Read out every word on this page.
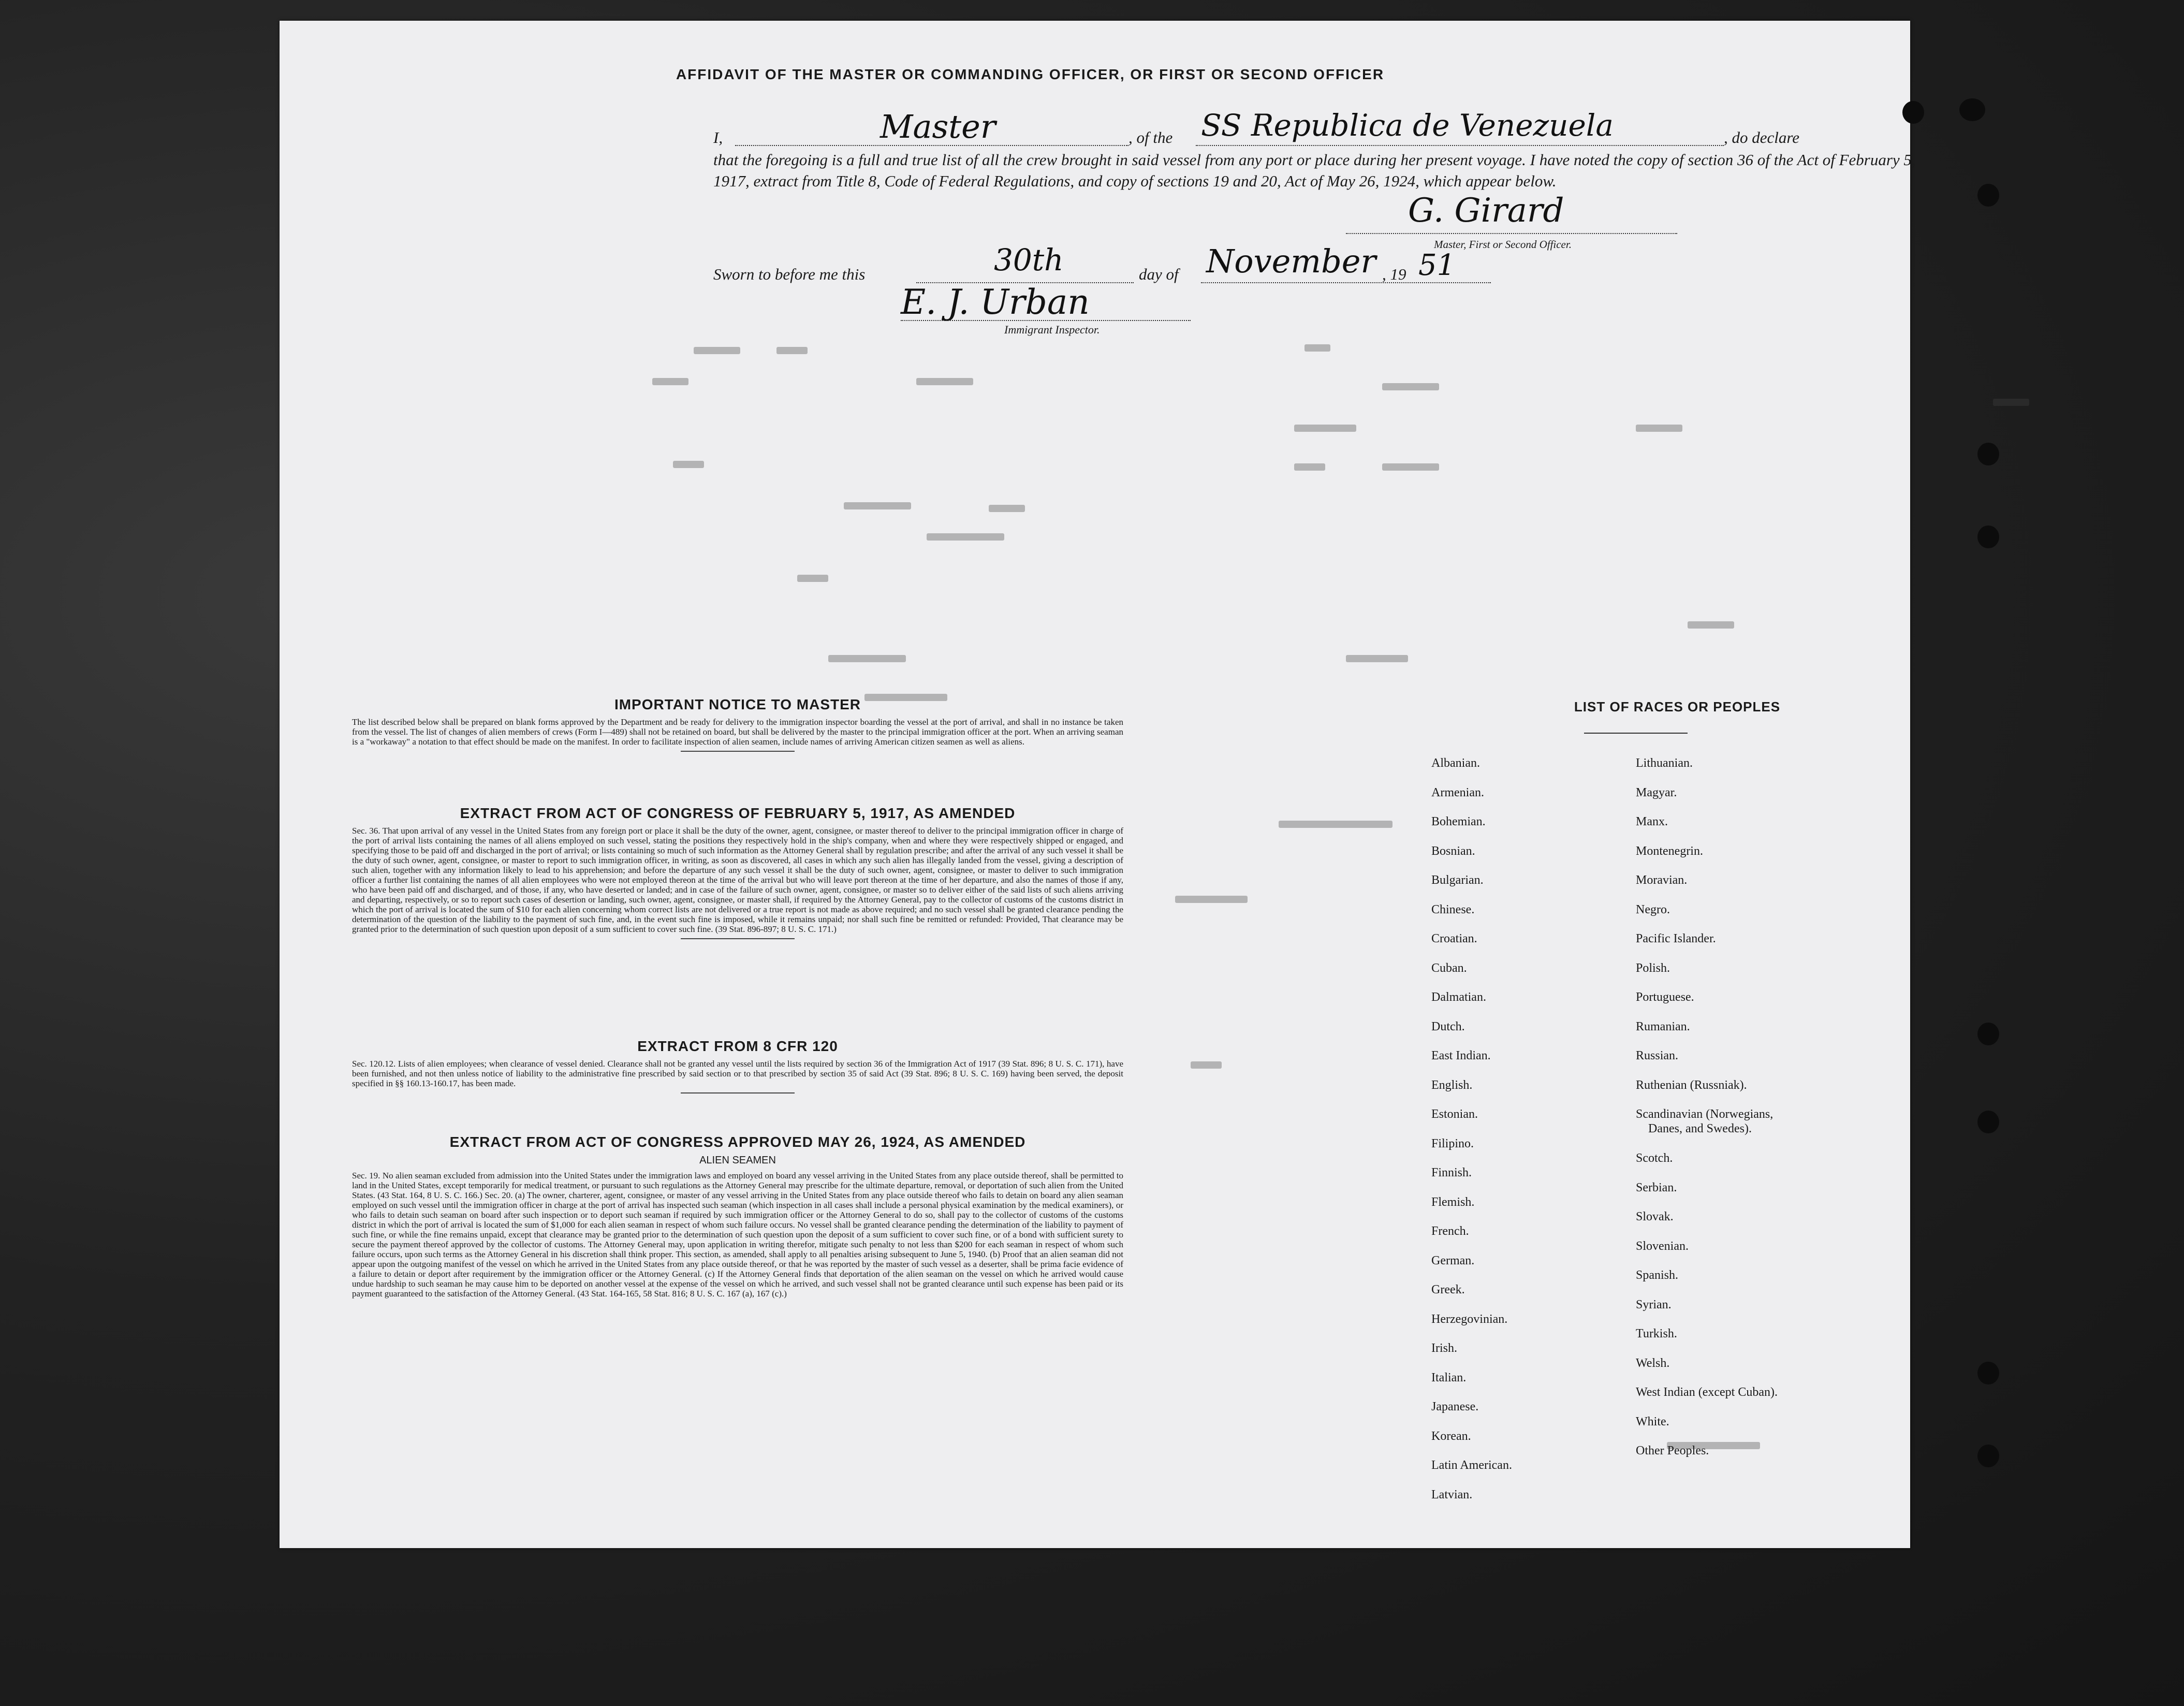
AFFIDAVIT OF THE MASTER OR COMMANDING OFFICER, OR FIRST OR SECOND OFFICER
I,	Master	, of the SS Republica de Venezuela	, do declare
that the foregoing is a full and true list of all the crew brought in said vessel from any port or place during her present voyage. I have noted the copy of section 36 of the Act of February 5, 1917, extract from Title 8, Code of Federal Regulations, and copy of sections 19 and 20, Act of May 26, 1924, which appear below.
G. Girard
Master, First or Second Officer.
Sworn to before me this	30th	day of November , 19 51
E. J. Urban
Immigrant Inspector.
IMPORTANT NOTICE TO MASTER
The list described below shall be prepared on blank forms approved by the Department and be ready for delivery to the immigration inspector boarding the vessel at the port of arrival, and shall in no instance be taken from the vessel. The list of changes of alien members of crews (Form I—489) shall not be retained on board, but shall be delivered by the master to the principal immigration officer at the port. When an arriving seaman is a "workaway" a notation to that effect should be made on the manifest. In order to facilitate inspection of alien seamen, include names of arriving American citizen seamen as well as aliens.
EXTRACT FROM ACT OF CONGRESS OF FEBRUARY 5, 1917, AS AMENDED
Sec. 36. That upon arrival of any vessel in the United States from any foreign port or place it shall be the duty of the owner, agent, consignee, or master thereof to deliver to the principal immigration officer in charge of the port of arrival lists containing the names of all aliens employed on such vessel, stating the positions they respectively hold in the ship's company, when and where they were respectively shipped or engaged, and specifying those to be paid off and discharged in the port of arrival; or lists containing so much of such information as the Attorney General shall by regulation prescribe; and after the arrival of any such vessel it shall be the duty of such owner, agent, consignee, or master to report to such immigration officer, in writing, as soon as discovered, all cases in which any such alien has illegally landed from the vessel, giving a description of such alien, together with any information likely to lead to his apprehension; and before the departure of any such vessel it shall be the duty of such owner, agent, consignee, or master to deliver to such immigration officer a further list containing the names of all alien employees who were not employed thereon at the time of the arrival but who will leave port thereon at the time of her departure, and also the names of those if any, who have been paid off and discharged, and of those, if any, who have deserted or landed; and in case of the failure of such owner, agent, consignee, or master so to deliver either of the said lists of such aliens arriving and departing, respectively, or so to report such cases of desertion or landing, such owner, agent, consignee, or master shall, if required by the Attorney General, pay to the collector of customs of the customs district in which the port of arrival is located the sum of $10 for each alien concerning whom correct lists are not delivered or a true report is not made as above required; and no such vessel shall be granted clearance pending the determination of the question of the liability to the payment of such fine, and, in the event such fine is imposed, while it remains unpaid; nor shall such fine be remitted or refunded: Provided, That clearance may be granted prior to the determination of such question upon deposit of a sum sufficient to cover such fine. (39 Stat. 896-897; 8 U. S. C. 171.)
EXTRACT FROM 8 CFR 120
Sec. 120.12. Lists of alien employees; when clearance of vessel denied. Clearance shall not be granted any vessel until the lists required by section 36 of the Immigration Act of 1917 (39 Stat. 896; 8 U. S. C. 171), have been furnished, and not then unless notice of liability to the administrative fine prescribed by said section or to that prescribed by section 35 of said Act (39 Stat. 896; 8 U. S. C. 169) having been served, the deposit specified in §§ 160.13-160.17, has been made.
EXTRACT FROM ACT OF CONGRESS APPROVED MAY 26, 1924, AS AMENDED
ALIEN SEAMEN
Sec. 19. No alien seaman excluded from admission into the United States under the immigration laws and employed on board any vessel arriving in the United States from any place outside thereof, shall be permitted to land in the United States, except temporarily for medical treatment, or pursuant to such regulations as the Attorney General may prescribe for the ultimate departure, removal, or deportation of such alien from the United States. (43 Stat. 164, 8 U. S. C. 166.) Sec. 20. (a) The owner, charterer, agent, consignee, or master of any vessel arriving in the United States from any place outside thereof who fails to detain on board any alien seaman employed on such vessel until the immigration officer in charge at the port of arrival has inspected such seaman (which inspection in all cases shall include a personal physical examination by the medical examiners), or who fails to detain such seaman on board after such inspection or to deport such seaman if required by such immigration officer or the Attorney General to do so, shall pay to the collector of customs of the customs district in which the port of arrival is located the sum of $1,000 for each alien seaman in respect of whom such failure occurs. No vessel shall be granted clearance pending the determination of the liability to payment of such fine, or while the fine remains unpaid, except that clearance may be granted prior to the determination of such question upon the deposit of a sum sufficient to cover such fine, or of a bond with sufficient surety to secure the payment thereof approved by the collector of customs. The Attorney General may, upon application in writing therefor, mitigate such penalty to not less than $200 for each seaman in respect of whom such failure occurs, upon such terms as the Attorney General in his discretion shall think proper. This section, as amended, shall apply to all penalties arising subsequent to June 5, 1940. (b) Proof that an alien seaman did not appear upon the outgoing manifest of the vessel on which he arrived in the United States from any place outside thereof, or that he was reported by the master of such vessel as a deserter, shall be prima facie evidence of a failure to detain or deport after requirement by the immigration officer or the Attorney General. (c) If the Attorney General finds that deportation of the alien seaman on the vessel on which he arrived would cause undue hardship to such seaman he may cause him to be deported on another vessel at the expense of the vessel on which he arrived, and such vessel shall not be granted clearance until such expense has been paid or its payment guaranteed to the satisfaction of the Attorney General. (43 Stat. 164-165, 58 Stat. 816; 8 U. S. C. 167 (a), 167 (c).)
LIST OF RACES OR PEOPLES
Albanian.
Armenian.
Bohemian.
Bosnian.
Bulgarian.
Chinese.
Croatian.
Cuban.
Dalmatian.
Dutch.
East Indian.
English.
Estonian.
Filipino.
Finnish.
Flemish.
French.
German.
Greek.
Herzegovinian.
Irish.
Italian.
Japanese.
Korean.
Latin American.
Latvian.
Lithuanian.
Magyar.
Manx.
Montenegrin.
Moravian.
Negro.
Pacific Islander.
Polish.
Portuguese.
Rumanian.
Russian.
Ruthenian (Russniak).
Scandinavian (Norwegians,
Danes, and Swedes).
Scotch.
Serbian.
Slovak.
Slovenian.
Spanish.
Syrian.
Turkish.
Welsh.
West Indian (except Cuban).
White.
Other Peoples.
